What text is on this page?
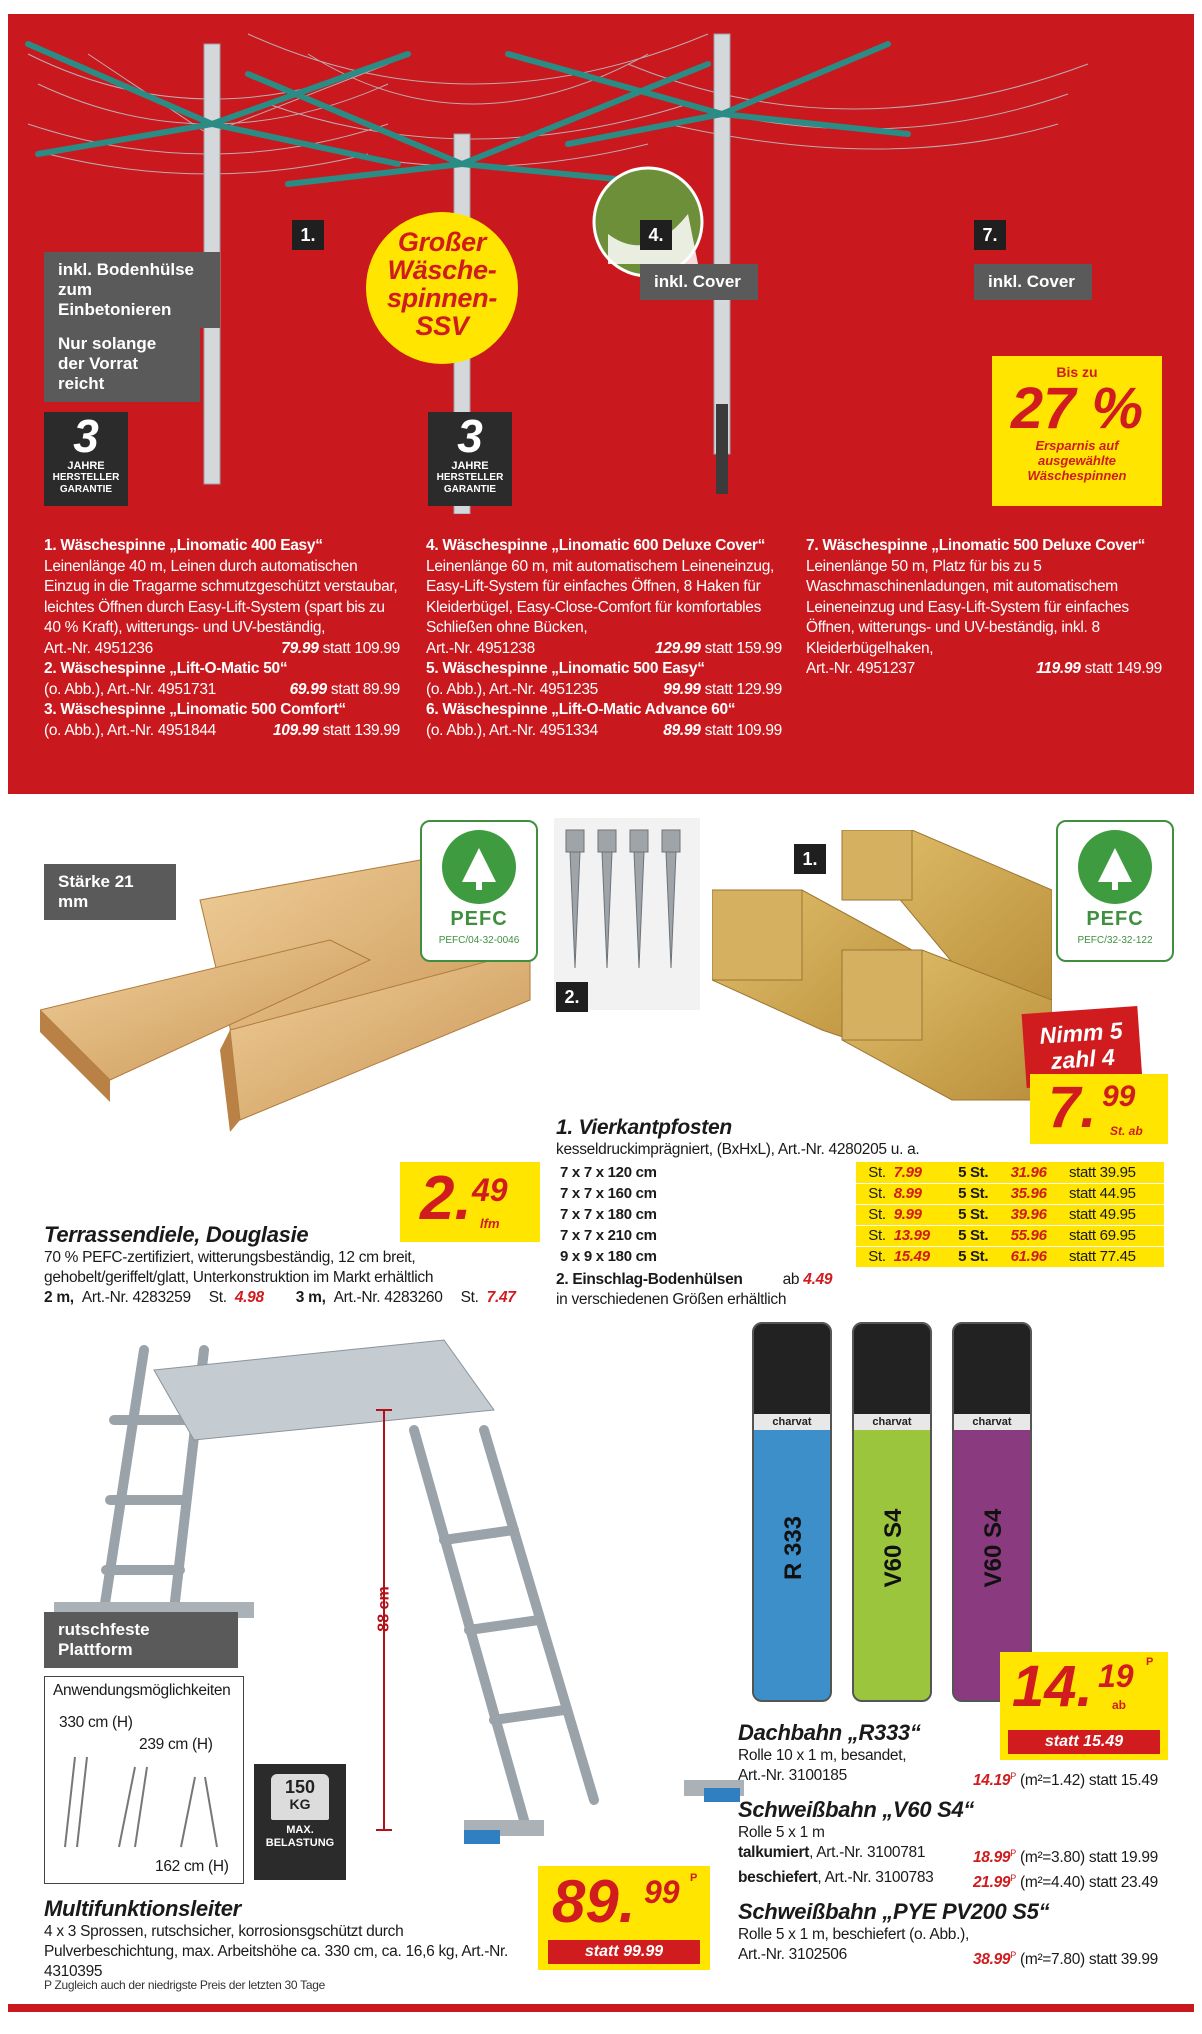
Großer Wäsche-spinnen-SSV
inkl. Bodenhülse zum Einbetonieren
Nur solange der Vorrat reicht
inkl. Cover	inkl. Cover
1.	4.	7.
3
JAHRE
HERSTELLER
GARANTIE
3
JAHRE
HERSTELLER
GARANTIE
Bis zu
27 %
Ersparnis auf ausgewählte Wäschespinnen
1. Wäschespinne „Linomatic 400 Easy“
Leinenlänge 40 m, Leinen durch automatischen Einzug in die Tragarme schmutzgeschützt verstaubar, leichtes Öffnen durch Easy-Lift-System (spart bis zu 40 % Kraft), witterungs- und UV-beständig,
Art.-Nr. 4951236	79.99 statt 109.99
2. Wäschespinne „Lift-O-Matic 50“
(o. Abb.), Art.-Nr. 4951731	69.99 statt 89.99
3. Wäschespinne „Linomatic 500 Comfort“
(o. Abb.), Art.-Nr. 4951844	109.99 statt 139.99
4. Wäschespinne „Linomatic 600 Deluxe Cover“
Leinenlänge 60 m, mit automatischem Leineneinzug, Easy-Lift-System für einfaches Öffnen, 8 Haken für Kleiderbügel, Easy-Close-Comfort für komfortables Schließen ohne Bücken,
Art.-Nr. 4951238	129.99 statt 159.99
5. Wäschespinne „Linomatic 500 Easy“
(o. Abb.), Art.-Nr. 4951235	99.99 statt 129.99
6. Wäschespinne „Lift-O-Matic Advance 60“
(o. Abb.), Art.-Nr. 4951334	89.99 statt 109.99
7. Wäschespinne „Linomatic 500 Deluxe Cover“
Leinenlänge 50 m, Platz für bis zu 5 Waschmaschinenladungen, mit automatischem Leineneinzug und Easy-Lift-System für einfaches Öffnen, witterungs- und UV-beständig, inkl. 8 Kleiderbügelhaken,
Art.-Nr. 4951237	119.99 statt 149.99
Stärke 21 mm
PEFC
PEFC/04-32-0046
2. 49
lfm
Terrassendiele, Douglasie
70 % PEFC-zertifiziert, witterungsbeständig, 12 cm breit, gehobelt/geriffelt/glatt, Unterkonstruktion im Markt erhältlich
2 m, Art.-Nr. 4283259 St. 4.98 3 m, Art.-Nr. 4283260 St. 7.47
2.
1.
PEFC
PEFC/32-32-122
Nimm 5
zahl 4
7. 99
St. ab
1. Vierkantpfosten
kesseldruckimprägniert, (BxHxL), Art.-Nr. 4280205 u. a.
7 x 7 x 120 cm	St.	7.99	5 St.	31.96	statt 39.95
7 x 7 x 160 cm	St.	8.99	5 St.	35.96	statt 44.95
7 x 7 x 180 cm	St.	9.99	5 St.	39.96	statt 49.95
7 x 7 x 210 cm	St.	13.99	5 St.	55.96	statt 69.95
9 x 9 x 180 cm	St.	15.49	5 St.	61.96	statt 77.45
2. Einschlag-Bodenhülsen	ab 4.49
in verschiedenen Größen erhältlich
88 cm
rutschfeste Plattform
Anwendungsmöglichkeiten
330 cm (H)
239 cm (H)
162 cm (H)
150
KG
MAX.
BELASTUNG
89. 99 P
statt 99.99
Multifunktionsleiter
4 x 3 Sprossen, rutschsicher, korrosionsgschützt durch Pulverbeschichtung, max. Arbeitshöhe ca. 330 cm, ca. 16,6 kg, Art.-Nr. 4310395
charvat
R 333
charvat
V60 S4
charvat
V60 S4
14. 19 P
ab
statt 15.49
Dachbahn „R333“
Rolle 10 x 1 m, besandet,
Art.-Nr. 3100185	$14.19^P$ (m²=1.42) statt 15.49
Schweißbahn „V60 S4“
Rolle 5 x 1 m
talkumiert, Art.-Nr. 3100781	$18.99^P$ (m²=3.80) statt 19.99
beschiefert, Art.-Nr. 3100783	$21.99^P$ (m²=4.40) statt 23.49
Schweißbahn „PYE PV200 S5“
Rolle 5 x 1 m, beschiefert (o. Abb.),
Art.-Nr. 3102506	$38.99^P$ (m²=7.80) statt 39.99
P Zugleich auch der niedrigste Preis der letzten 30 Tage
